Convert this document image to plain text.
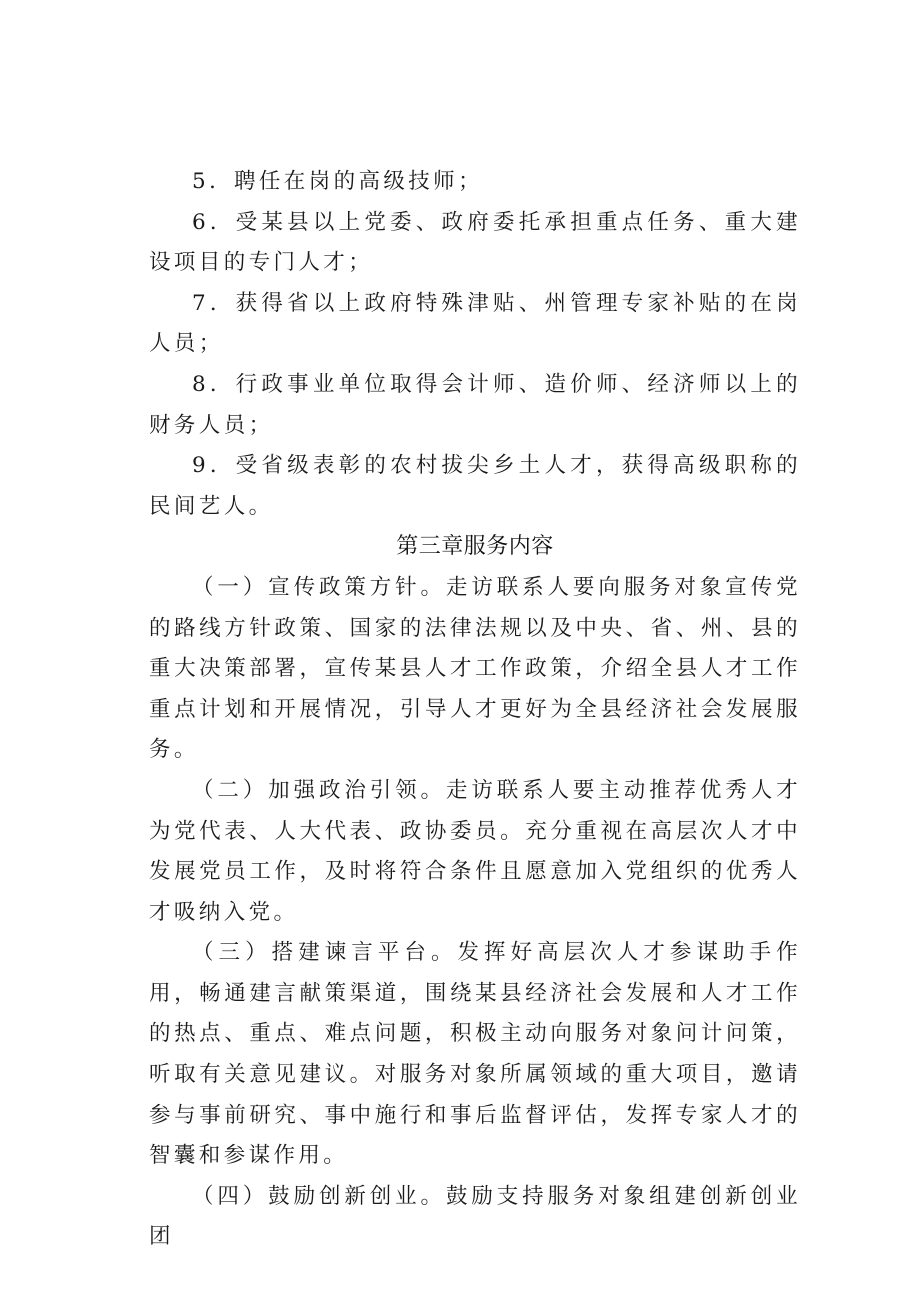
5．聘任在岗的高级技师；

6．受某县以上党委、政府委托承担重点任务、重大建设项目的专门人才；

7．获得省以上政府特殊津贴、州管理专家补贴的在岗人员；

8．行政事业单位取得会计师、造价师、经济师以上的财务人员；

9．受省级表彰的农村拔尖乡土人才，获得高级职称的民间艺人。

第三章服务内容

（一）宣传政策方针。走访联系人要向服务对象宣传党的路线方针政策、国家的法律法规以及中央、省、州、县的重大决策部署，宣传某县人才工作政策，介绍全县人才工作重点计划和开展情况，引导人才更好为全县经济社会发展服务。

（二）加强政治引领。走访联系人要主动推荐优秀人才为党代表、人大代表、政协委员。充分重视在高层次人才中发展党员工作，及时将符合条件且愿意加入党组织的优秀人才吸纳入党。

（三）搭建谏言平台。发挥好高层次人才参谋助手作用，畅通建言献策渠道，围绕某县经济社会发展和人才工作的热点、重点、难点问题，积极主动向服务对象问计问策，听取有关意见建议。对服务对象所属领域的重大项目，邀请参与事前研究、事中施行和事后监督评估，发挥专家人才的智囊和参谋作用。

（四）鼓励创新创业。鼓励支持服务对象组建创新创业团
